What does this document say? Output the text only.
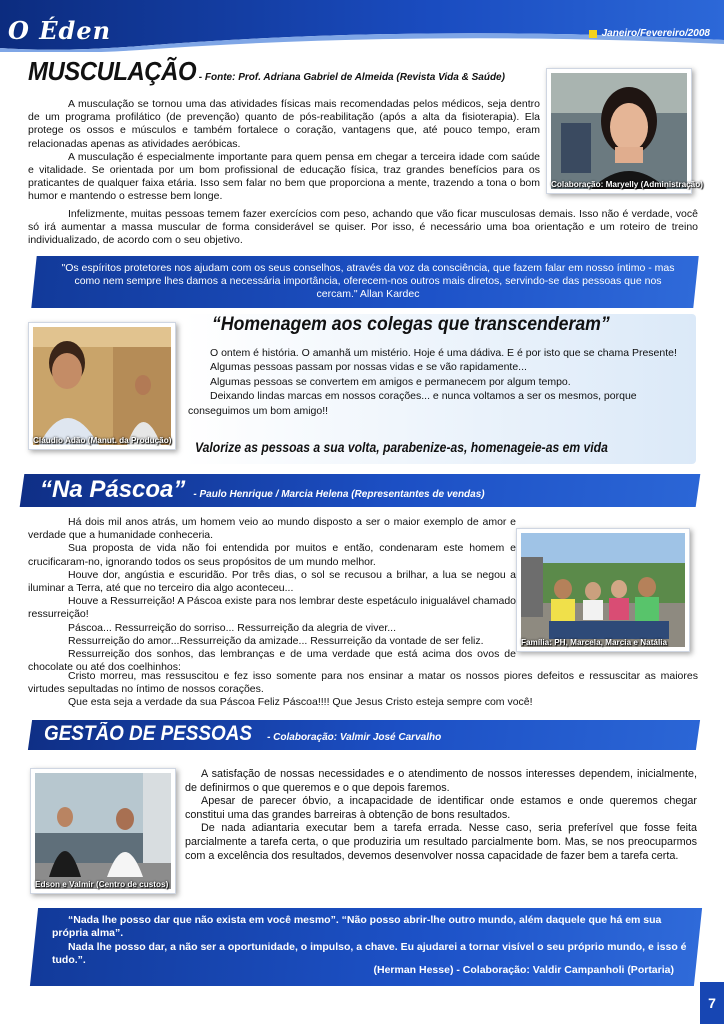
O Éden	Janeiro/Fevereiro/2008
MUSCULAÇÃO - Fonte: Prof. Adriana Gabriel de Almeida (Revista Vida & Saúde)

A musculação se tornou uma das atividades físicas mais recomendadas pelos médicos, seja dentro de um programa profilático (de prevenção) quanto de pós-reabilitação (após a alta da fisioterapia). Ela protege os ossos e músculos e também fortalece o coração, vantagens que, até pouco tempo, eram relacionadas apenas as atividades aeróbicas.

A musculação é especialmente importante para quem pensa em chegar a terceira idade com saúde e vitalidade. Se orientada por um bom profissional de educação física, traz grandes benefícios para os praticantes de qualquer faixa etária. Isso sem falar no bem que proporciona a mente, trazendo a tona o bom humor e mantendo o estresse bem longe.

Infelizmente, muitas pessoas temem fazer exercícios com peso, achando que vão ficar musculosas demais. Isso não é verdade, você só irá aumentar a massa muscular de forma considerável se quiser. Por isso, é necessário uma boa orientação e um roteiro de treino individualizado, de acordo com o seu objetivo.

Colaboração: Maryelly (Administração)
"Os espíritos protetores nos ajudam com os seus conselhos, através da voz da consciência, que fazem falar em nosso íntimo - mas como nem sempre lhes damos a necessária importância, oferecem-nos outros mais diretos, servindo-se das pessoas que nos cercam." Allan Kardec
“Homenagem aos colegas que transcenderam”
O ontem é história. O amanhã um mistério. Hoje é uma dádiva. E é por isto que se chama Presente!
Algumas pessoas passam por nossas vidas e se vão rapidamente...
Algumas pessoas se convertem em amigos e permanecem por algum tempo.
Deixando lindas marcas em nossos corações... e nunca voltamos a ser os mesmos, porque conseguimos um bom amigo!!
Valorize as pessoas a sua volta, parabenize-as, homenageie-as em vida
Cláudio Adão (Manut. da Produção)
“Na Páscoa” - Paulo Henrique / Marcia Helena (Representantes de vendas)

Há dois mil anos atrás, um homem veio ao mundo disposto a ser o maior exemplo de amor e verdade que a humanidade conheceria.

Sua proposta de vida não foi entendida por muitos e então, condenaram este homem e crucificaram-no, ignorando todos os seus propósitos de um mundo melhor.

Houve dor, angústia e escuridão. Por três dias, o sol se recusou a brilhar, a lua se negou a iluminar a Terra, até que no terceiro dia algo aconteceu...

Houve a Ressurreição! A Páscoa existe para nos lembrar deste espetáculo inigualável chamado ressurreição!

Páscoa... Ressurreição do sorriso... Ressurreição da alegria de viver...

Ressurreição do amor...Ressurreição da amizade... Ressurreição da vontade de ser feliz.

Ressurreição dos sonhos, das lembranças e de uma verdade que está acima dos ovos de chocolate ou até dos coelhinhos:

Cristo morreu, mas ressuscitou e fez isso somente para nos ensinar a matar os nossos piores defeitos e ressuscitar as maiores virtudes sepultadas no íntimo de nossos corações.

Que esta seja a verdade da sua Páscoa Feliz Páscoa!!!! Que Jesus Cristo esteja sempre com você!

Família: PH, Marcela, Marcia e Natália
GESTÃO DE PESSOAS - Colaboração: Valmir José Carvalho

A satisfação de nossas necessidades e o atendimento de nossos interesses dependem, inicialmente, de definirmos o que queremos e o que depois faremos.

Apesar de parecer óbvio, a incapacidade de identificar onde estamos e onde queremos chegar constitui uma das grandes barreiras à obtenção de bons resultados.

De nada adiantaria executar bem a tarefa errada. Nesse caso, seria preferível que fosse feita parcialmente a tarefa certa, o que produziria um resultado parcialmente bom. Mas, se nos preocuparmos com a excelência dos resultados, devemos desenvolver nossa capacidade de fazer bem a tarefa certa.

Edson e Valmir (Centro de custos)
“Nada lhe posso dar que não exista em você mesmo”. “Não posso abrir-lhe outro mundo, além daquele que há em sua própria alma”.
Nada lhe posso dar, a não ser a oportunidade, o impulso, a chave. Eu ajudarei a tornar visível o seu próprio mundo, e isso é tudo.”.
(Herman Hesse) - Colaboração: Valdir Campanholi (Portaria)
7
